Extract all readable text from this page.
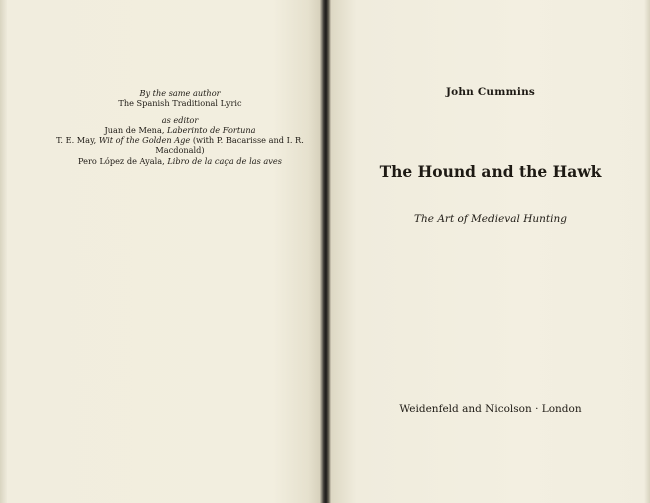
By the same author
The Spanish Traditional Lyric
as editor
Juan de Mena, Laberinto de Fortuna
T. E. May, Wit of the Golden Age (with P. Bacarisse and I. R. Macdonald)
Pero López de Ayala, Libro de la caça de las aves
John Cummins
The Hound and the Hawk
The Art of Medieval Hunting
Weidenfeld and Nicolson · London
